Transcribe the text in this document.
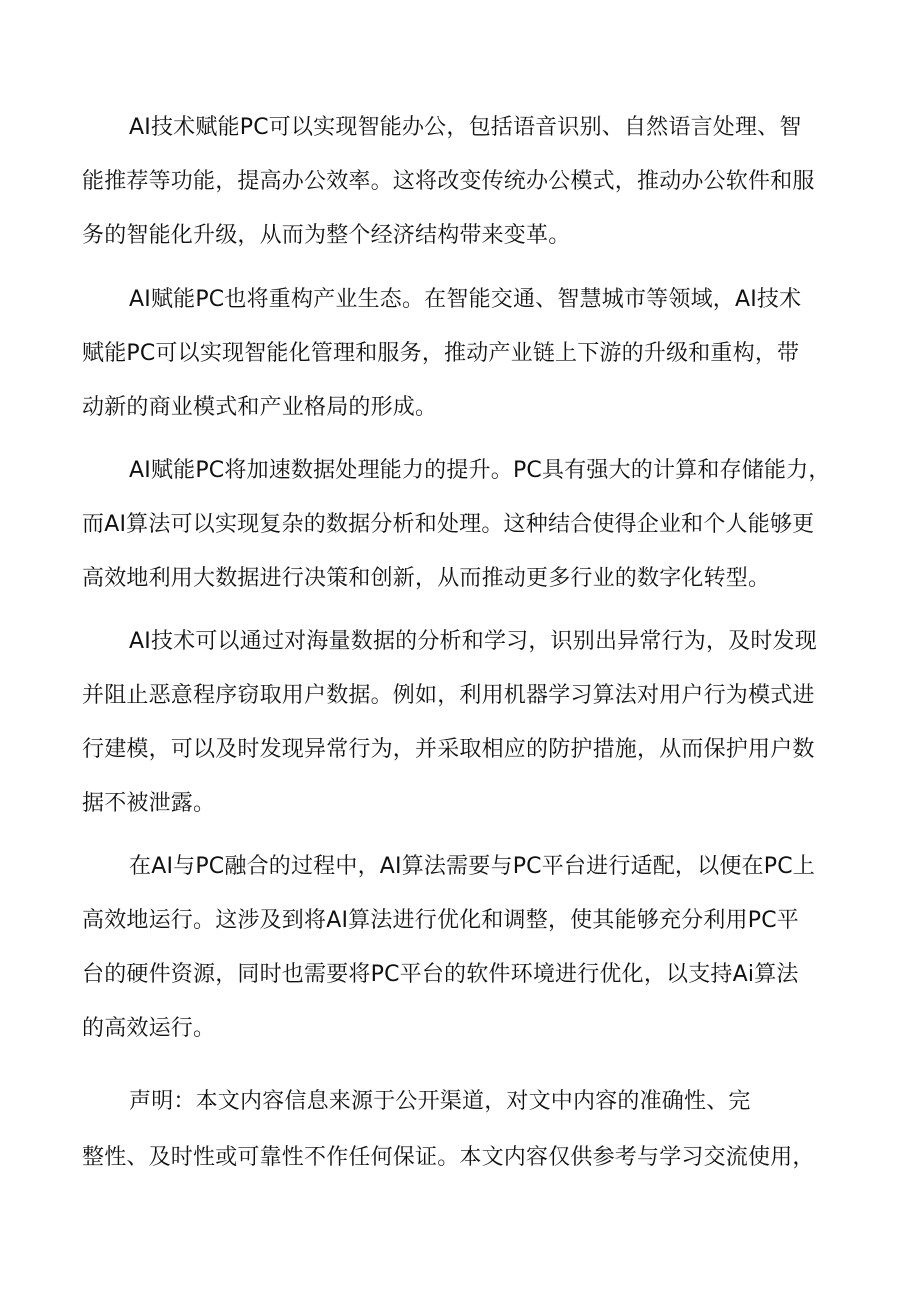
AI技术赋能PC可以实现智能办公，包括语音识别、自然语言处理、智
能推荐等功能，提高办公效率。这将改变传统办公模式，推动办公软件和服
务的智能化升级，从而为整个经济结构带来变革。

AI赋能PC也将重构产业生态。在智能交通、智慧城市等领域，AI技术
赋能PC可以实现智能化管理和服务，推动产业链上下游的升级和重构，带
动新的商业模式和产业格局的形成。

AI赋能PC将加速数据处理能力的提升。PC具有强大的计算和存储能力，
而AI算法可以实现复杂的数据分析和处理。这种结合使得企业和个人能够更
高效地利用大数据进行决策和创新，从而推动更多行业的数字化转型。

AI技术可以通过对海量数据的分析和学习，识别出异常行为，及时发现
并阻止恶意程序窃取用户数据。例如，利用机器学习算法对用户行为模式进
行建模，可以及时发现异常行为，并采取相应的防护措施，从而保护用户数
据不被泄露。

在AI与PC融合的过程中，AI算法需要与PC平台进行适配，以便在PC上
高效地运行。这涉及到将AI算法进行优化和调整，使其能够充分利用PC平
台的硬件资源，同时也需要将PC平台的软件环境进行优化，以支持Ai算法
的高效运行。

声明：本文内容信息来源于公开渠道，对文中内容的准确性、完
整性、及时性或可靠性不作任何保证。本文内容仅供参考与学习交流使用，
